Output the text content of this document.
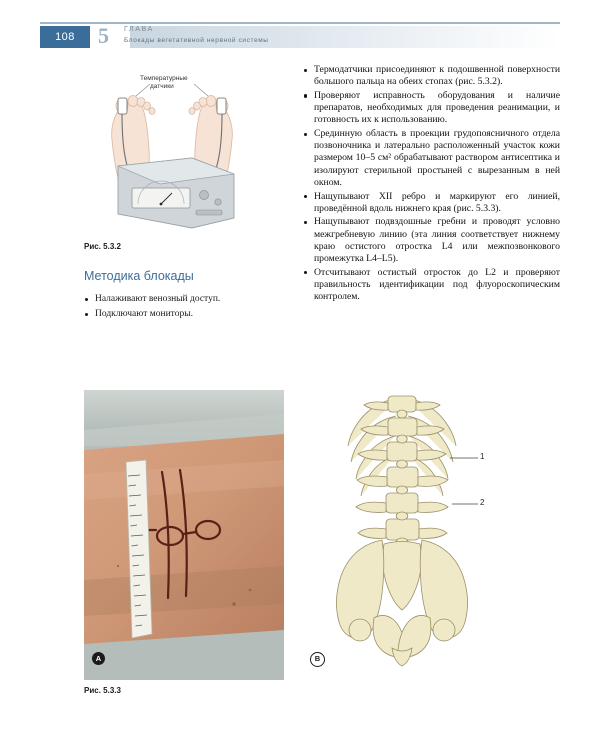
108	5 ГЛАВА
Блокады вегетативной нервной системы
Температурные
датчики
Рис. 5.3.2
Методика блокады
Налаживают венозный доступ.
Подключают мониторы.
Термодатчики присоединяют к подошвенной поверхности большого пальца на обеих стопах (рис. 5.3.2).
Проверяют исправность оборудования и наличие препаратов, необходимых для проведения реанимации, и готовность их к использованию.
Срединную область в проекции грудопоясничного отдела позвоночника и латерально расположенный участок кожи размером 10–5 см² обрабатывают раствором антисептика и изолируют стерильной простыней с вырезанным в ней окном.
Нащупывают XII ребро и маркируют его линией, проведённой вдоль нижнего края (рис. 5.3.3).
Нащупывают подвздошные гребни и проводят условно межгребневую линию (эта линия соответствует нижнему краю остистого отростка L4 или межпозвонкового промежутка L4–L5).
Отсчитывают остистый отросток до L2 и проверяют правильность идентификации под флуороскопическим контролем.
A
1
2
B
Рис. 5.3.3
